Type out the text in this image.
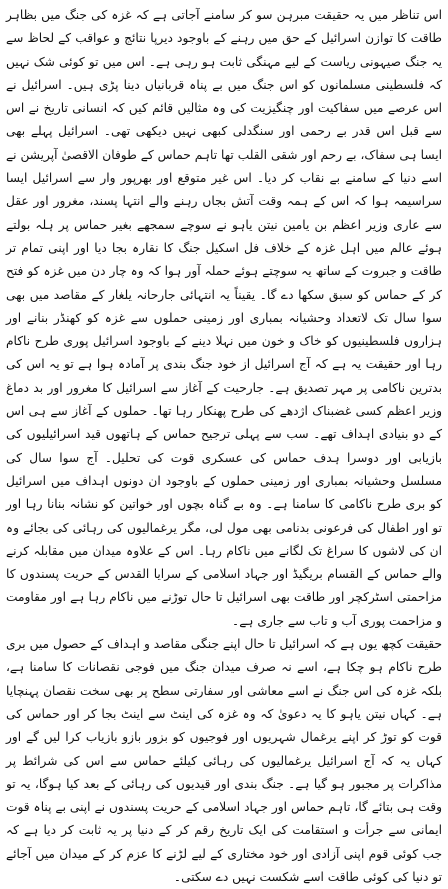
اس تناظر میں یہ حقیقت مبرہن سو کر سامنے آجاتی ہے کہ غزہ کی جنگ میں بظاہر طاقت کا توازن اسرائیل کے حق میں رہنے کے باوجود دیرپا نتائج و عواقب کے لحاظ سے یہ جنگ صیہونی ریاست کے لیے مہنگی ثابت ہو رہی ہے۔ اس میں تو کوئی شک نہیں کہ فلسطینی مسلمانوں کو اس جنگ میں بے پناہ قربانیاں دینا پڑی ہیں۔ اسرائیل نے اس عرصے میں سفاکیت اور چنگیزیت کی وہ مثالیں قائم کیں کہ انسانی تاریخ نے اس سے قبل اس قدر بے رحمی اور سنگدلی کبھی نہیں دیکھی تھی۔ اسرائیل پہلے بھی ایسا ہی سفاک، بے رحم اور شقی القلب تھا تاہم حماس کے طوفان الاقصیٰ آپریشن نے اسے دنیا کے سامنے بے نقاب کر دیا۔ اس غیر متوقع اور بھرپور وار سے اسرائیل ایسا سراسیمہ ہوا کہ اس کے ہمہ وقت آتش بجاں رہنے والے انتہا پسند، مغرور اور عقل سے عاری وزیر اعظم بن یامین نیتن یاہو نے سوچے سمجھے بغیر حماس پر ہلہ بولتے ہوئے عالم میں اہل غزہ کے خلاف فل اسکیل جنگ کا نقارہ بجا دیا اور اپنی تمام تر طاقت و جبروت کے ساتھ یہ سوچتے ہوئے حملہ آور ہوا کہ وہ چار دن میں غزہ کو فتح کر کے حماس کو سبق سکھا دے گا۔ یقیناً یہ انتہائی جارحانہ یلغار کے مقاصد میں بھی سوا سال تک لاتعداد وحشیانہ بمباری اور زمینی حملوں سے غزہ کو کھنڈر بنانے اور ہزاروں فلسطینیوں کو خاک و خون میں نہلا دینے کے باوجود اسرائیل پوری طرح ناکام رہا اور حقیقت یہ ہے کہ آج اسرائیل از خود جنگ بندی پر آمادہ ہوا ہے تو یہ اس کی بدترین ناکامی پر مہر تصدیق ہے۔ جارحیت کے آغاز سے اسرائیل کا مغرور اور بد دماغ وزیر اعظم کسی غضبناک اژدھے کی طرح پھنکار رہا تھا۔ حملوں کے آغاز سے ہی اس کے دو بنیادی اہداف تھے۔ سب سے پہلی ترجیح حماس کے ہاتھوں قید اسرائیلیوں کی بازیابی اور دوسرا ہدف حماس کی عسکری قوت کی تحلیل۔ آج سوا سال کی مسلسل وحشیانہ بمباری اور زمینی حملوں کے باوجود ان دونوں اہداف میں اسرائیل کو بری طرح ناکامی کا سامنا ہے۔ وہ بے گناہ بچوں اور خواتین کو نشانہ بنانا رہا اور تو اور اطفال کی فرعونی بدنامی بھی مول لی، مگر یرغمالیوں کی رہائی کی بجائے وہ ان کی لاشوں کا سراغ تک لگانے میں ناکام رہا۔ اس کے علاوہ میدان میں مقابلہ کرنے والے حماس کے القسام بریگیڈ اور جہاد اسلامی کے سرایا القدس کے حریت پسندوں کا مزاحمتی اسٹرکچر اور طاقت بھی اسرائیل تا حال توڑنے میں ناکام رہا ہے اور مقاومت و مزاحمت پوری آب و تاب سے جاری ہے۔

حقیقت کچھ یوں ہے کہ اسرائیل تا حال اپنے جنگی مقاصد و اہداف کے حصول میں بری طرح ناکام ہو چکا ہے، اسے نہ صرف میدان جنگ میں فوجی نقصانات کا سامنا ہے، بلکہ غزہ کی اس جنگ نے اسے معاشی اور سفارتی سطح پر بھی سخت نقصان پہنچایا ہے۔ کہاں نیتن یاہو کا یہ دعویٰ کہ وہ غزہ کی اینٹ سے اینٹ بجا کر اور حماس کی قوت کو توڑ کر اپنے یرغمال شہریوں اور فوجیوں کو بزور بازو بازیاب کرا لیں گے اور کہاں یہ کہ آج اسرائیل یرغمالیوں کی رہائی کیلئے حماس سے اس کی شرائط پر مذاکرات پر مجبور ہو گیا ہے۔ جنگ بندی اور قیدیوں کی رہائی کے بعد کیا ہوگا، یہ تو وقت ہی بتائے گا، تاہم حماس اور جہاد اسلامی کے حریت پسندوں نے اپنی بے پناہ قوت ایمانی سے جرأت و استقامت کی ایک تاریخ رقم کر کے دنیا پر یہ ثابت کر دیا ہے کہ جب کوئی قوم اپنی آزادی اور خود مختاری کے لیے لڑنے کا عزم کر کے میدان میں آجائے تو دنیا کی کوئی طاقت اسے شکست نہیں دے سکتی۔
